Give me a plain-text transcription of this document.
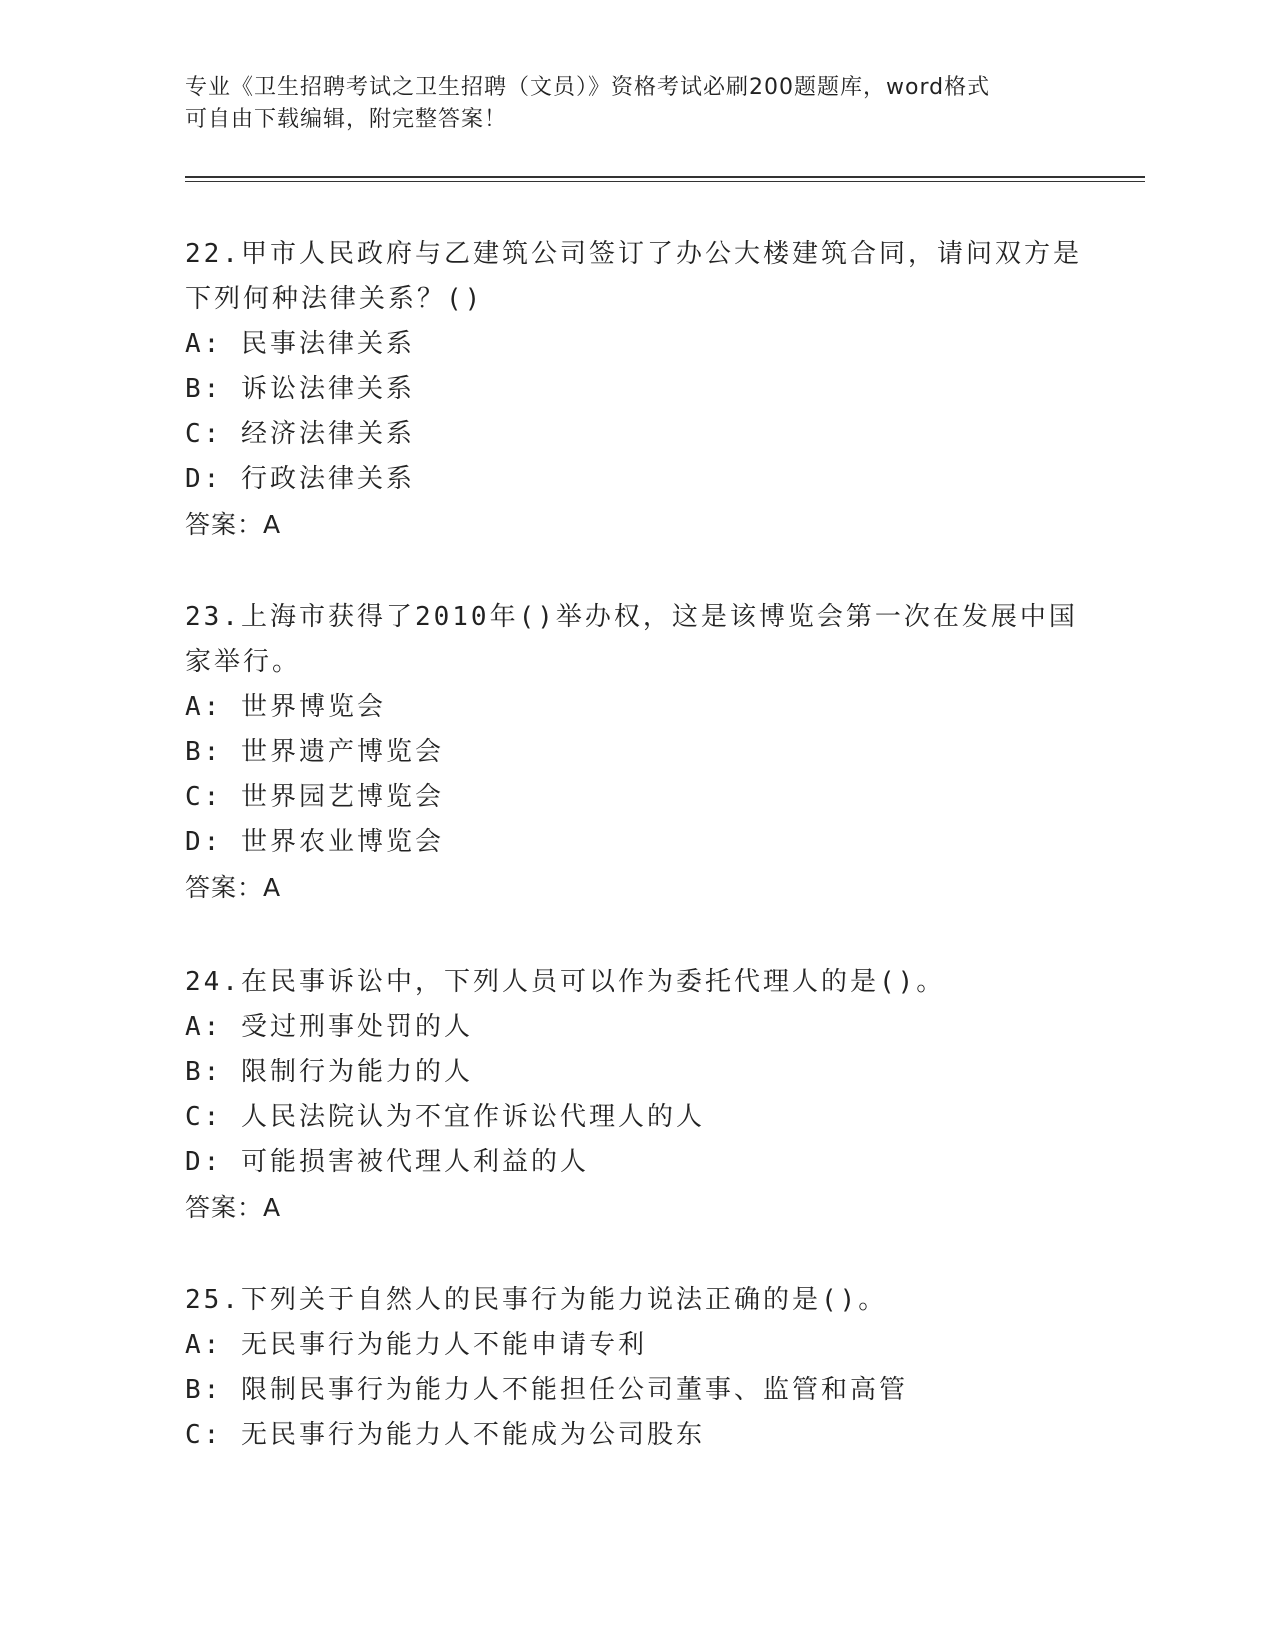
专业《卫生招聘考试之卫生招聘（文员）》资格考试必刷200题题库，word格式
可自由下载编辑，附完整答案！

22.甲市人民政府与乙建筑公司签订了办公大楼建筑合同，请问双方是

下列何种法律关系？()

A: 民事法律关系

B: 诉讼法律关系

C: 经济法律关系

D: 行政法律关系

答案：A

23.上海市获得了2010年()举办权，这是该博览会第一次在发展中国

家举行。

A: 世界博览会

B: 世界遗产博览会

C: 世界园艺博览会

D: 世界农业博览会

答案：A

24.在民事诉讼中，下列人员可以作为委托代理人的是()。

A: 受过刑事处罚的人

B: 限制行为能力的人

C: 人民法院认为不宜作诉讼代理人的人

D: 可能损害被代理人利益的人

答案：A

25.下列关于自然人的民事行为能力说法正确的是()。

A: 无民事行为能力人不能申请专利

B: 限制民事行为能力人不能担任公司董事、监管和高管

C: 无民事行为能力人不能成为公司股东
